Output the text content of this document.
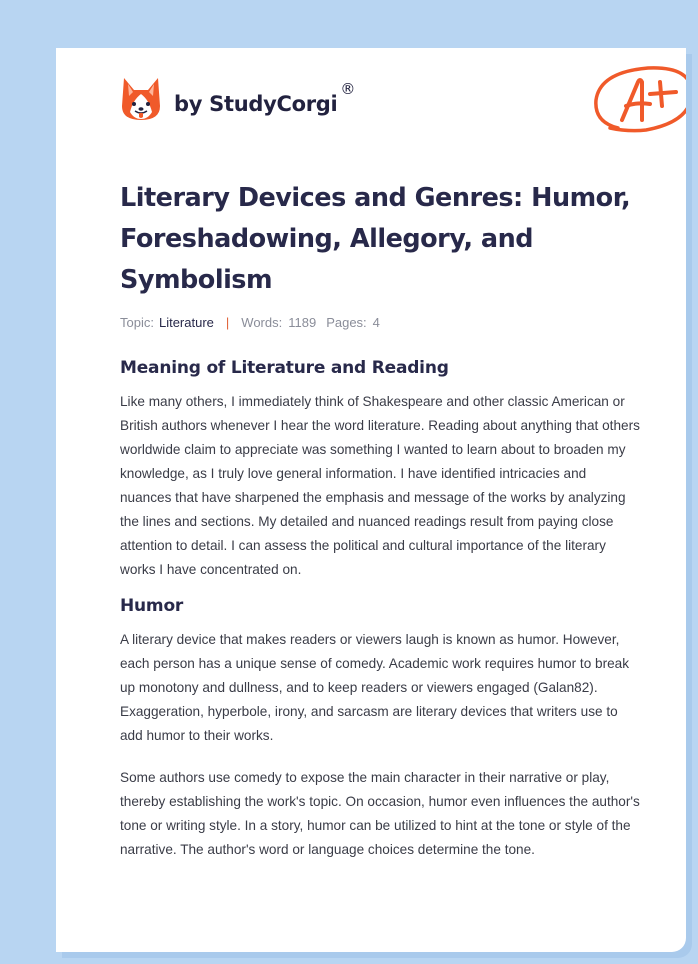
by StudyCorgi
®
Literary Devices and Genres: Humor, Foreshadowing, Allegory, and Symbolism
Topic: Literature | Words: 1189 Pages: 4
Meaning of Literature and Reading

Like many others, I immediately think of Shakespeare and other classic American or British authors whenever I hear the word literature. Reading about anything that others worldwide claim to appreciate was something I wanted to learn about to broaden my knowledge, as I truly love general information. I have identified intricacies and nuances that have sharpened the emphasis and message of the works by analyzing the lines and sections. My detailed and nuanced readings result from paying close attention to detail. I can assess the political and cultural importance of the literary works I have concentrated on.

Humor

A literary device that makes readers or viewers laugh is known as humor. However, each person has a unique sense of comedy. Academic work requires humor to break up monotony and dullness, and to keep readers or viewers engaged (Galan82). Exaggeration, hyperbole, irony, and sarcasm are literary devices that writers use to add humor to their works.

Some authors use comedy to expose the main character in their narrative or play, thereby establishing the work's topic. On occasion, humor even influences the author's tone or writing style. In a story, humor can be utilized to hint at the tone or style of the narrative. The author's word or language choices determine the tone.
